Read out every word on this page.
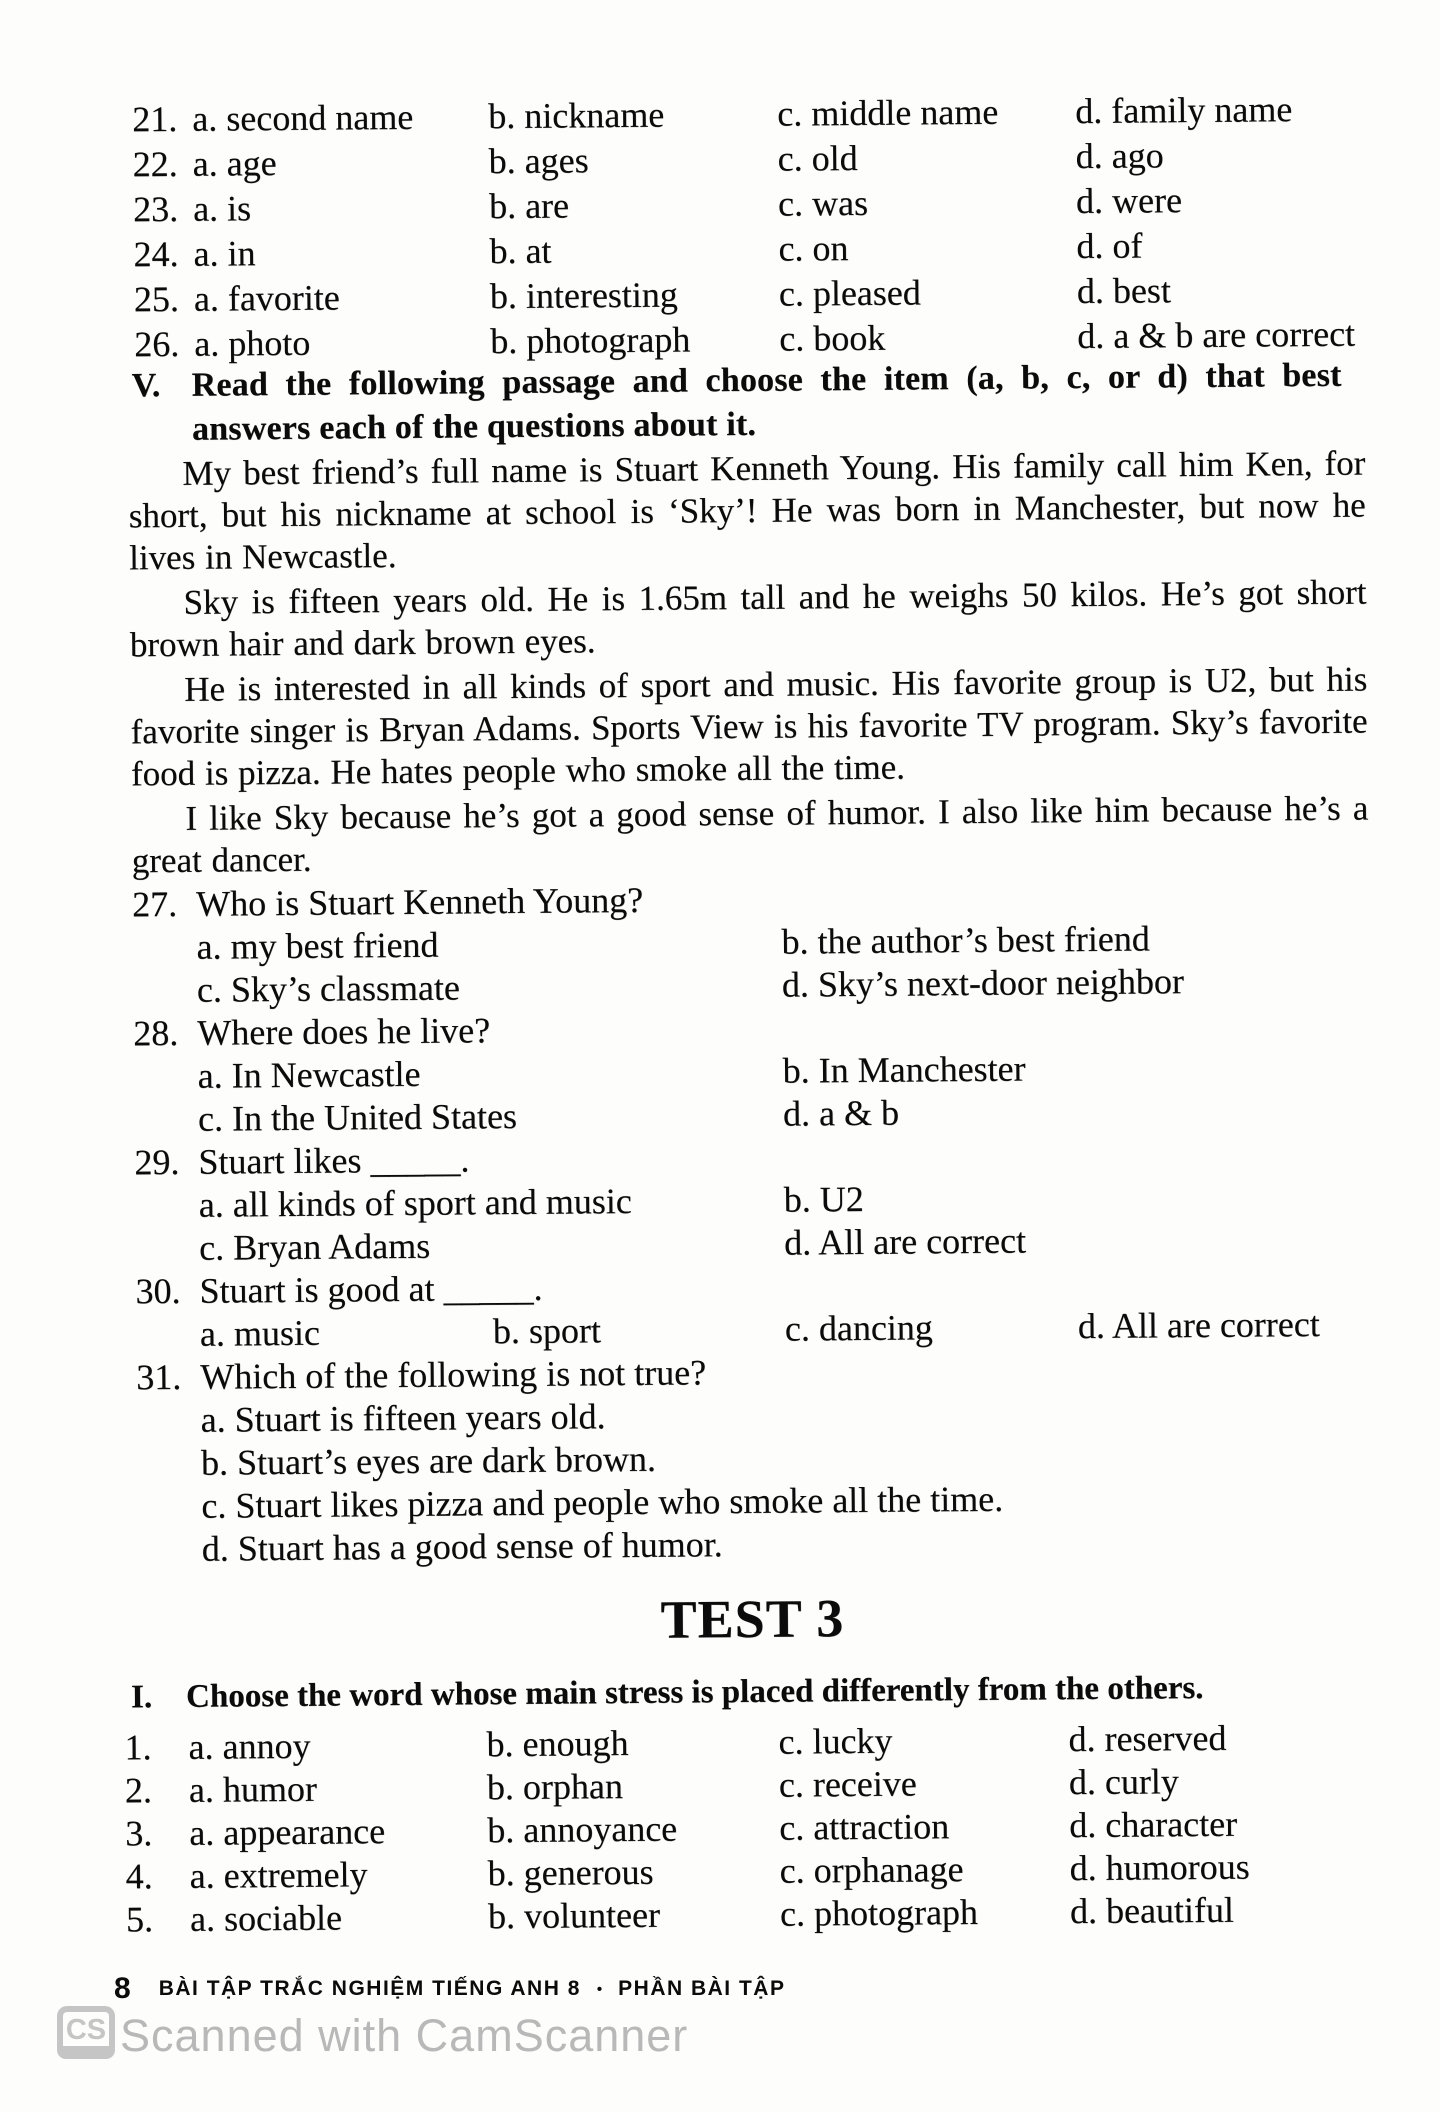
21. a. second name	b. nickname	c. middle name	d. family name
22. a. age	b. ages	c. old	d. ago
23. a. is	b. are	c. was	d. were
24. a. in	b. at	c. on	d. of
25. a. favorite	b. interesting	c. pleased	d. best
26. a. photo	b. photograph	c. book	d. a & b are correct
V. Read the following passage and choose the item (a, b, c, or d) that best answers each of the questions about it.

My best friend’s full name is Stuart Kenneth Young. His family call him Ken, for short, but his nickname at school is ‘Sky’! He was born in Manchester, but now he lives in Newcastle.

Sky is fifteen years old. He is 1.65m tall and he weighs 50 kilos. He’s got short brown hair and dark brown eyes.

He is interested in all kinds of sport and music. His favorite group is U2, but his favorite singer is Bryan Adams. Sports View is his favorite TV program. Sky’s favorite food is pizza. He hates people who smoke all the time.

I like Sky because he’s got a good sense of humor. I also like him because he’s a great dancer.

27. Who is Stuart Kenneth Young?
a. my best friend	b. the author’s best friend
c. Sky’s classmate	d. Sky’s next-door neighbor
28. Where does he live?
a. In Newcastle	b. In Manchester
c. In the United States	d. a & b
29. Stuart likes _____.
a. all kinds of sport and music	b. U2
c. Bryan Adams	d. All are correct
30. Stuart is good at _____.
a. music	b. sport	c. dancing	d. All are correct
31. Which of the following is not true?
a. Stuart is fifteen years old.
b. Stuart’s eyes are dark brown.
c. Stuart likes pizza and people who smoke all the time.
d. Stuart has a good sense of humor.
TEST 3
I.	Choose the word whose main stress is placed differently from the others.
1.	a. annoy	b. enough	c. lucky	d. reserved
2.	a. humor	b. orphan	c. receive	d. curly
3.	a. appearance	b. annoyance	c. attraction	d. character
4.	a. extremely	b. generous	c. orphanage	d. humorous
5.	a. sociable	b. volunteer	c. photograph	d. beautiful
8 BÀI TẬP TRẮC NGHIỆM TIẾNG ANH 8 • PHẦN BÀI TẬP
CS Scanned with CamScanner
